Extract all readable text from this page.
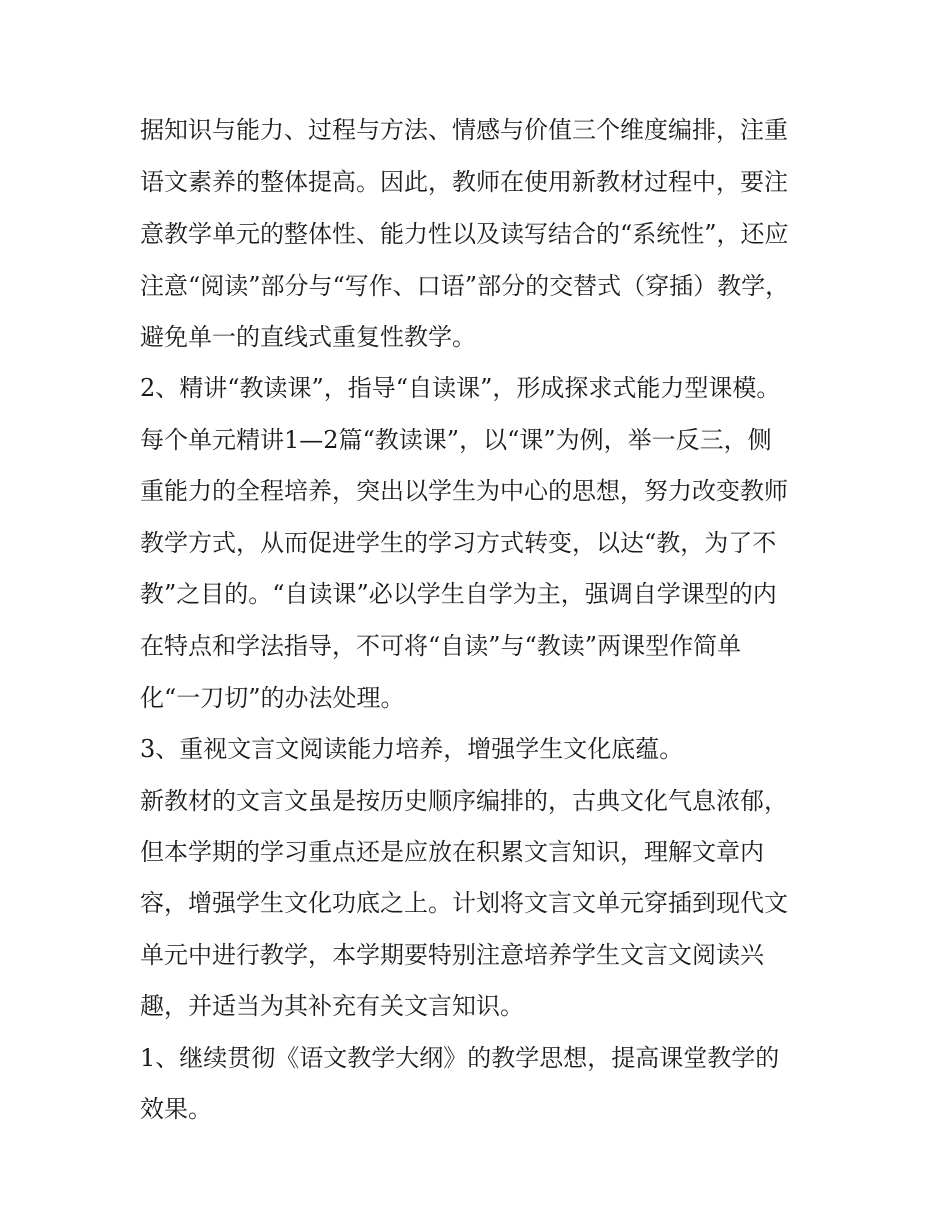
据知识与能力、过程与方法、情感与价值三个维度编排，注重

语文素养的整体提高。因此，教师在使用新教材过程中，要注

意教学单元的整体性、能力性以及读写结合的“系统性”，还应

注意“阅读”部分与“写作、口语”部分的交替式（穿插）教学，

避免单一的直线式重复性教学。

2、精讲“教读课”，指导“自读课”，形成探求式能力型课模。

每个单元精讲1—2篇“教读课”，以“课”为例，举一反三，侧

重能力的全程培养，突出以学生为中心的思想，努力改变教师

教学方式，从而促进学生的学习方式转变，以达“教，为了不

教”之目的。“自读课”必以学生自学为主，强调自学课型的内

在特点和学法指导，不可将“自读”与“教读”两课型作简单

化“一刀切”的办法处理。

3、重视文言文阅读能力培养，增强学生文化底蕴。

新教材的文言文虽是按历史顺序编排的，古典文化气息浓郁，

但本学期的学习重点还是应放在积累文言知识，理解文章内

容，增强学生文化功底之上。计划将文言文单元穿插到现代文

单元中进行教学，本学期要特别注意培养学生文言文阅读兴

趣，并适当为其补充有关文言知识。

1、继续贯彻《语文教学大纲》的教学思想，提高课堂教学的

效果。
